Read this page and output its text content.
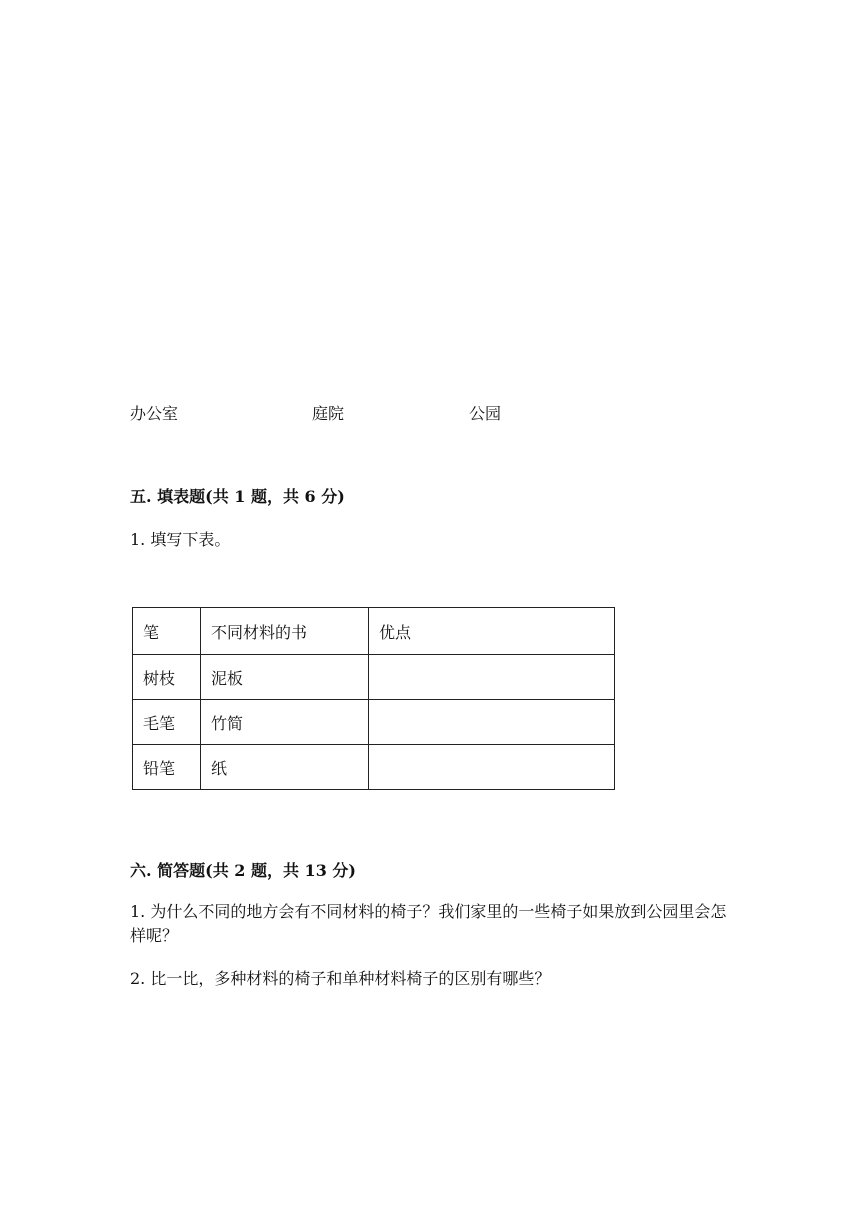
办公室	庭院	公园
五. 填表题(共 1 题，共 6 分)
1. 填写下表。
笔	不同材料的书	优点
树枝	泥板	
毛笔	竹简	
铅笔	纸	
六. 简答题(共 2 题，共 13 分)
1. 为什么不同的地方会有不同材料的椅子？我们家里的一些椅子如果放到公园里会怎样呢？
2. 比一比，多种材料的椅子和单种材料椅子的区别有哪些？
